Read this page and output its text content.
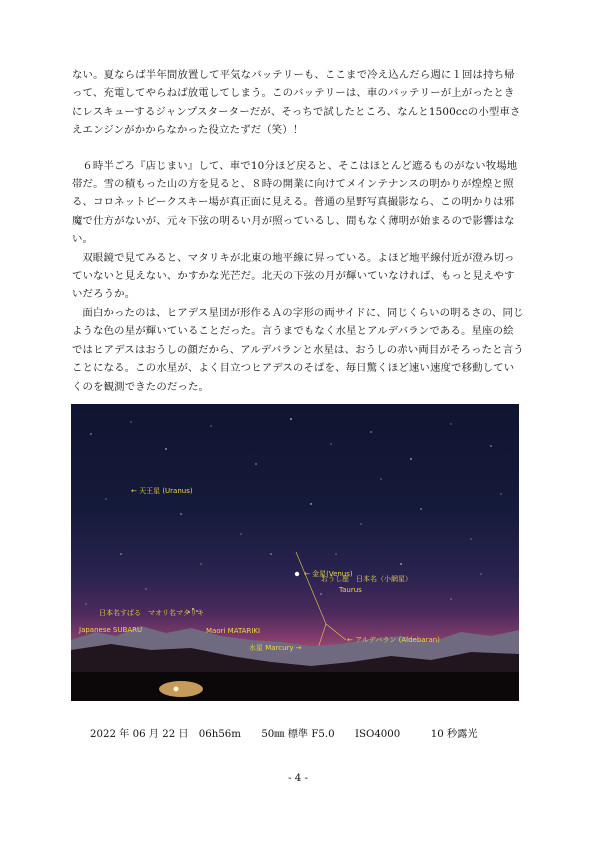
ない。夏ならば半年間放置して平気なバッテリーも、ここまで冷え込んだら週に１回は持ち帰って、充電してやらねば放電してしまう。このバッテリーは、車のバッテリーが上がったときにレスキューするジャンプスターターだが、そっちで試したところ、なんと1500ccの小型車さえエンジンがかからなかった役立たずだ（笑）！

６時半ごろ『店じまい』して、車で10分ほど戻ると、そこはほとんど遮るものがない牧場地帯だ。雪の積もった山の方を見ると、８時の開業に向けてメインテナンスの明かりが煌煌と照る、コロネットピークスキー場が真正面に見える。普通の星野写真撮影なら、この明かりは邪魔で仕方がないが、元々下弦の明るい月が照っているし、間もなく薄明が始まるので影響はない。

双眼鏡で見てみると、マタリキが北東の地平線に昇っている。よほど地平線付近が澄み切っていないと見えない、かすかな光芒だ。北天の下弦の月が輝いていなければ、もっと見えやすいだろうか。

面白かったのは、ヒアデス星団が形作るＡの字形の両サイドに、同じくらいの明るさの、同じような色の星が輝いていることだった。言うまでもなく水星とアルデバランである。星座の絵ではヒアデスはおうしの顔だから、アルデバランと水星は、おうしの赤い両目がそろったと言うことになる。この水星が、よく目立つヒアデスのそばを、毎日驚くほど速い速度で移動していくのを観測できたのだった。

← 天王星 (Uranus)
← 金星(Venus)
おうし座　日本名（小網星）
Taurus
日本名すばる　マオリ名マタリキ
Japanese SUBARU	Maori MATARIKI
水星 Marcury →
← アルデバラン (Aldebaran)
2022 年 06 月 22 日　06h56m　　50㎜ 標準 F5.0　　ISO4000　　　10 秒露光
- 4 -
